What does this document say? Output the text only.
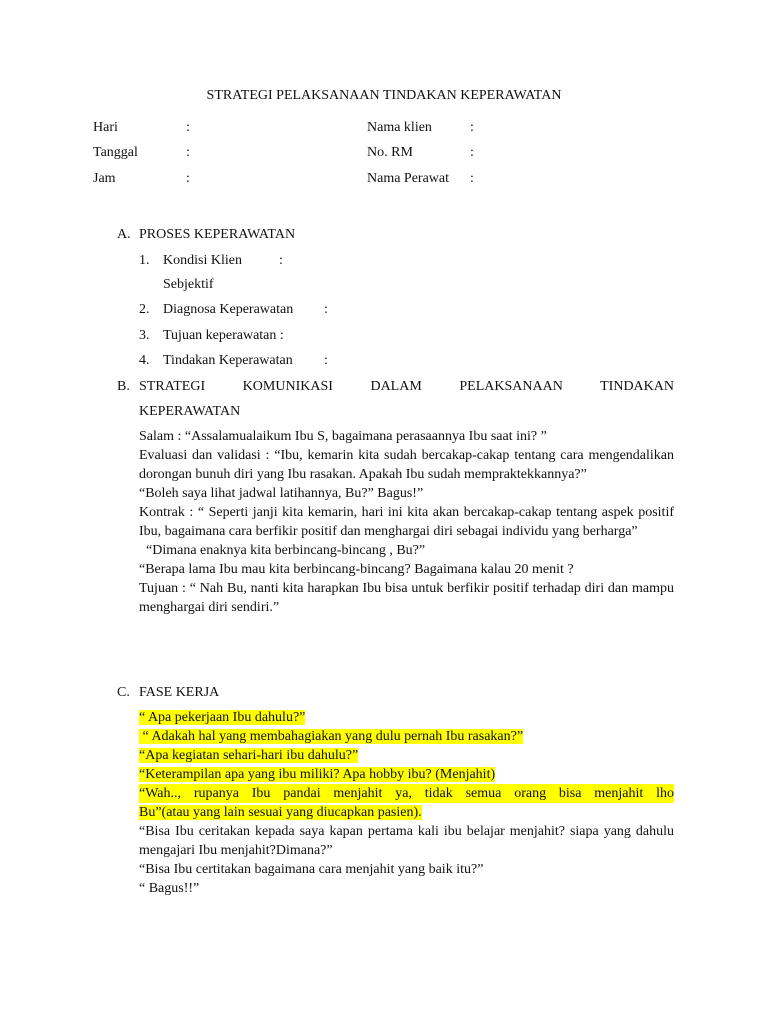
STRATEGI PELAKSANAAN TINDAKAN KEPERAWATAN
Hari	:
Tanggal	:
Jam	:
Nama klien	:
No. RM	:
Nama Perawat :
A. PROSES KEPERAWATAN
1. Kondisi Klien	:
Sebjektif
2. Diagnosa Keperawatan :
3. Tujuan keperawatan :
4. Tindakan Keperawatan :
B. STRATEGI KOMUNIKASI DALAM PELAKSANAAN TINDAKAN
KEPERAWATAN

Salam : “Assalamualaikum Ibu S, bagaimana perasaannya Ibu saat ini? ”

Evaluasi dan validasi : “Ibu, kemarin kita sudah bercakap-cakap tentang cara mengendalikan dorongan bunuh diri yang Ibu rasakan. Apakah Ibu sudah mempraktekkannya?”

“Boleh saya lihat jadwal latihannya, Bu?” Bagus!”

Kontrak : “ Seperti janji kita kemarin, hari ini kita akan bercakap-cakap tentang aspek positif Ibu, bagaimana cara berfikir positif dan menghargai diri sebagai individu yang berharga”

“Dimana enaknya kita berbincang-bincang , Bu?”

“Berapa lama Ibu mau kita berbincang-bincang? Bagaimana kalau 20 menit ?

Tujuan : “ Nah Bu, nanti kita harapkan Ibu bisa untuk berfikir positif terhadap diri dan mampu menghargai diri sendiri.”

C. FASE KERJA
“ Apa pekerjaan Ibu dahulu?”
“ Adakah hal yang membahagiakan yang dulu pernah Ibu rasakan?”
“Apa kegiatan sehari-hari ibu dahulu?”
“Keterampilan apa yang ibu miliki? Apa hobby ibu? (Menjahit)
“Wah.., rupanya Ibu pandai menjahit ya, tidak semua orang bisa menjahit lho
Bu”(atau yang lain sesuai yang diucapkan pasien).

“Bisa Ibu ceritakan kepada saya kapan pertama kali ibu belajar menjahit? siapa yang dahulu mengajari Ibu menjahit?Dimana?”

“Bisa Ibu certitakan bagaimana cara menjahit yang baik itu?”

“ Bagus!!”
